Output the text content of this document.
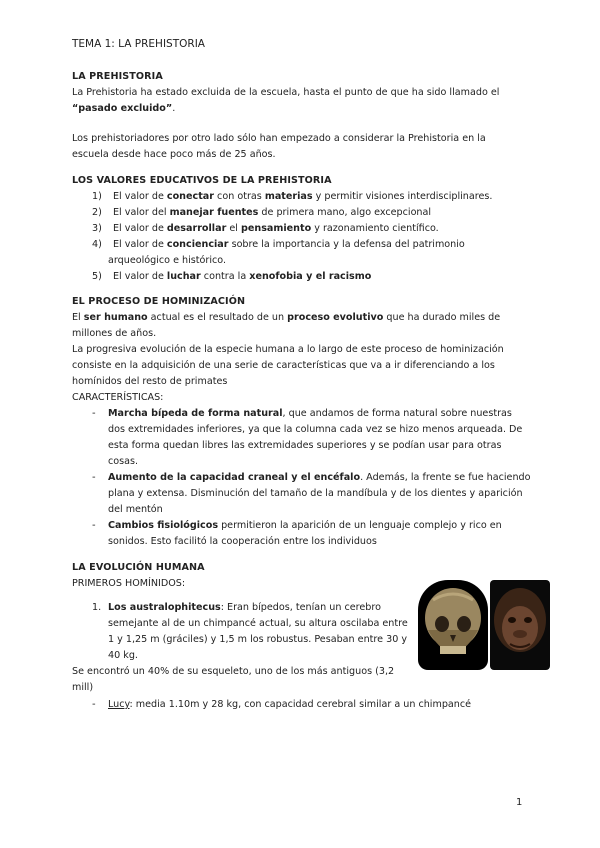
TEMA 1: LA PREHISTORIA
LA PREHISTORIA
La Prehistoria ha estado excluida de la escuela, hasta el punto de que ha sido llamado el
“pasado excluido”.
Los prehistoriadores por otro lado sólo han empezado a considerar la Prehistoria en la
escuela desde hace poco más de 25 años.
LOS VALORES EDUCATIVOS DE LA PREHISTORIA
1) El valor de conectar con otras materias y permitir visiones interdisciplinares.
2) El valor del manejar fuentes de primera mano, algo excepcional
3) El valor de desarrollar el pensamiento y razonamiento científico.
4) El valor de concienciar sobre la importancia y la defensa del patrimonio
arqueológico e histórico.
5) El valor de luchar contra la xenofobia y el racismo
EL PROCESO DE HOMINIZACIÓN
El ser humano actual es el resultado de un proceso evolutivo que ha durado miles de
millones de años.
La progresiva evolución de la especie humana a lo largo de este proceso de hominización
consiste en la adquisición de una serie de características que va a ir diferenciando a los
homínidos del resto de primates
CARACTERÍSTICAS:
- Marcha bípeda de forma natural, que andamos de forma natural sobre nuestras
dos extremidades inferiores, ya que la columna cada vez se hizo menos arqueada. De
esta forma quedan libres las extremidades superiores y se podían usar para otras
cosas.
- Aumento de la capacidad craneal y el encéfalo. Además, la frente se fue haciendo
plana y extensa. Disminución del tamaño de la mandíbula y de los dientes y aparición
del mentón
- Cambios fisiológicos permitieron la aparición de un lenguaje complejo y rico en
sonidos. Esto facilitó la cooperación entre los individuos
LA EVOLUCIÓN HUMANA
PRIMEROS HOMÍNIDOS:
1. Los australophitecus: Eran bípedos, tenían un cerebro
semejante al de un chimpancé actual, su altura oscilaba entre
1 y 1,25 m (gráciles) y 1,5 m los robustus. Pesaban entre 30 y
40 kg.
Se encontró un 40% de su esqueleto, uno de los más antiguos (3,2
mill)
- Lucy: media 1.10m y 28 kg, con capacidad cerebral similar a un chimpancé
1
